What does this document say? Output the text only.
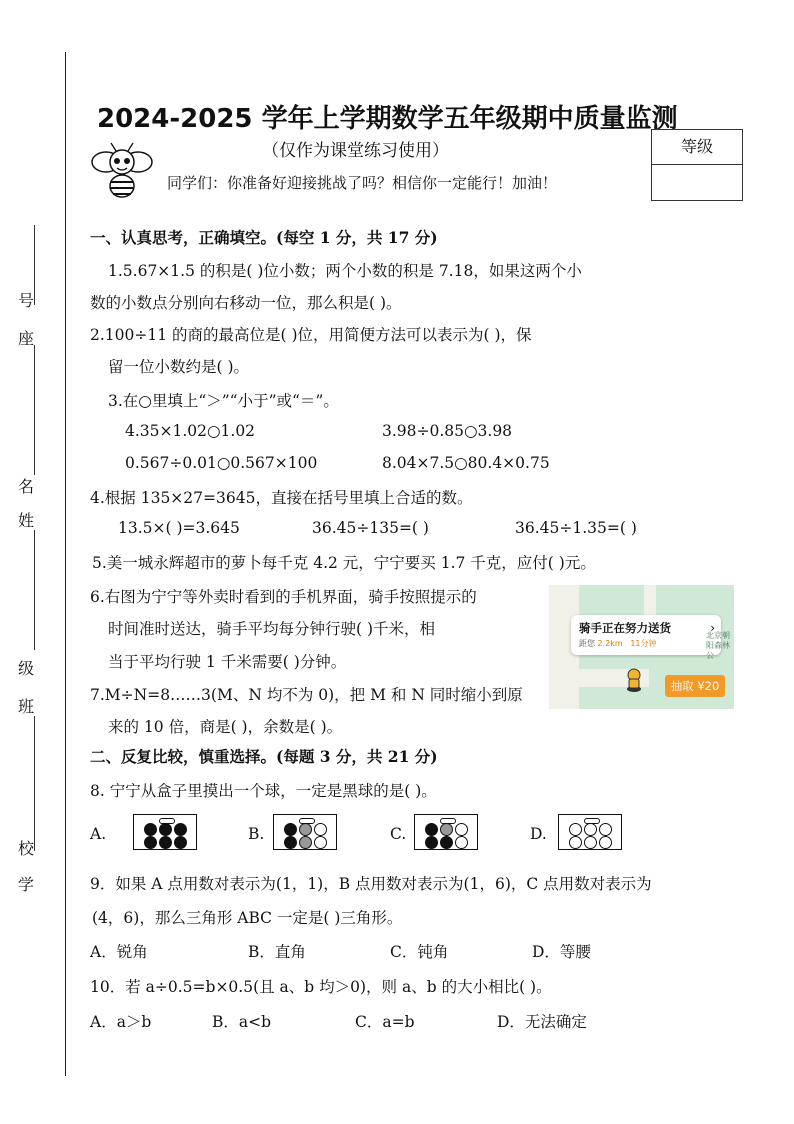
号
座
名
姓
级
班
校
学
2024-2025 学年上学期数学五年级期中质量监测
（仅作为课堂练习使用）
同学们：你准备好迎接挑战了吗？相信你一定能行！加油！
等级
一、认真思考，正确填空。(每空 1 分，共 17 分)
1.5.67×1.5 的积是( )位小数；两个小数的积是 7.18，如果这两个小
数的小数点分别向右移动一位，那么积是( )。
2.100÷11 的商的最高位是( )位，用简便方法可以表示为( )，保
留一位小数约是( )。
3.在○里填上“＞”“小于”或“＝”。
4.35×1.02○1.02	3.98÷0.85○3.98
0.567÷0.01○0.567×100	8.04×7.5○80.4×0.75
4.根据 135×27=3645，直接在括号里填上合适的数。
13.5×( )=3.645	36.45÷135=( )	36.45÷1.35=( )
5.美一城永辉超市的萝卜每千克 4.2 元，宁宁要买 1.7 千克，应付( )元。
6.右图为宁宁等外卖时看到的手机界面，骑手按照提示的
时间准时送达，骑手平均每分钟行驶( )千米，相
当于平均行驶 1 千米需要( )分钟。
7.M÷N=8……3(M、N 均不为 0)，把 M 和 N 同时缩小到原
来的 10 倍，商是( )，余数是( )。
骑手正在努力送货	›
距您 2.2km 11分钟
北京朝阳森林公
抽取 ¥20
二、反复比较，慎重选择。(每题 3 分，共 21 分)
8. 宁宁从盒子里摸出一个球，一定是黑球的是( )。
A.	B.	C.	D.
9．如果 A 点用数对表示为(1，1)，B 点用数对表示为(1，6)，C 点用数对表示为
(4，6)，那么三角形 ABC 一定是( )三角形。
A．锐角	B．直角	C．钝角	D．等腰
10．若 a÷0.5=b×0.5(且 a、b 均＞0)，则 a、b 的大小相比( )。
A．a＞b	B．a<b	C．a=b	D．无法确定
